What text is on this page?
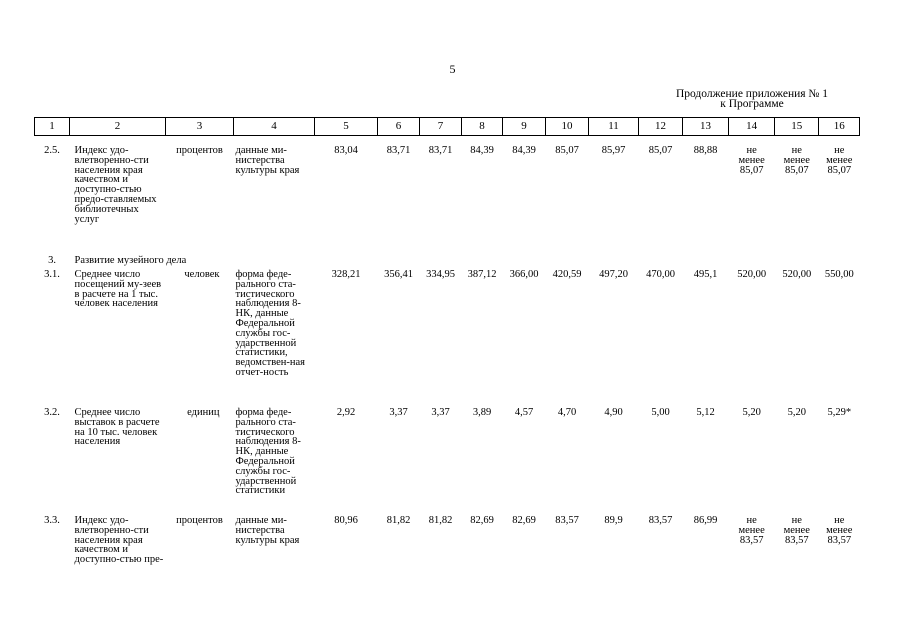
5
Продолжение приложения № 1
к Программе
1	2	3	4	5	6	7	8	9	10	11	12	13	14	15	16

2.5.	Индекс удо-влетворенно-сти населения края качеством и доступно-стью предо-ставляемых библиотечных услуг	процентов	данные ми-нистерства культуры края	83,04	83,71	83,71	84,39	84,39	85,07	85,97	85,07	88,88	не менее 85,07	не менее 85,07	не менее 85,07
3.	Развитие музейного дела														
3.1.	Среднее число посещений му-зеев в расчете на 1 тыс. человек населения	человек	форма феде-рального ста-тистического наблюдения 8-НК, данные Федеральной службы гос-ударственной статистики, ведомствен-ная отчет-ность	328,21	356,41	334,95	387,12	366,00	420,59	497,20	470,00	495,1	520,00	520,00	550,00
3.2.	Среднее число выставок в расчете на 10 тыс. человек населения	единиц	форма феде-рального ста-тистического наблюдения 8-НК, данные Федеральной службы гос-ударственной статистики	2,92	3,37	3,37	3,89	4,57	4,70	4,90	5,00	5,12	5,20	5,20	5,29*
3.3.	Индекс удо-влетворенно-сти населения края качеством и доступно-стью пре-	процентов	данные ми-нистерства культуры края	80,96	81,82	81,82	82,69	82,69	83,57	89,9	83,57	86,99	не менее 83,57	не менее 83,57	не менее 83,57
